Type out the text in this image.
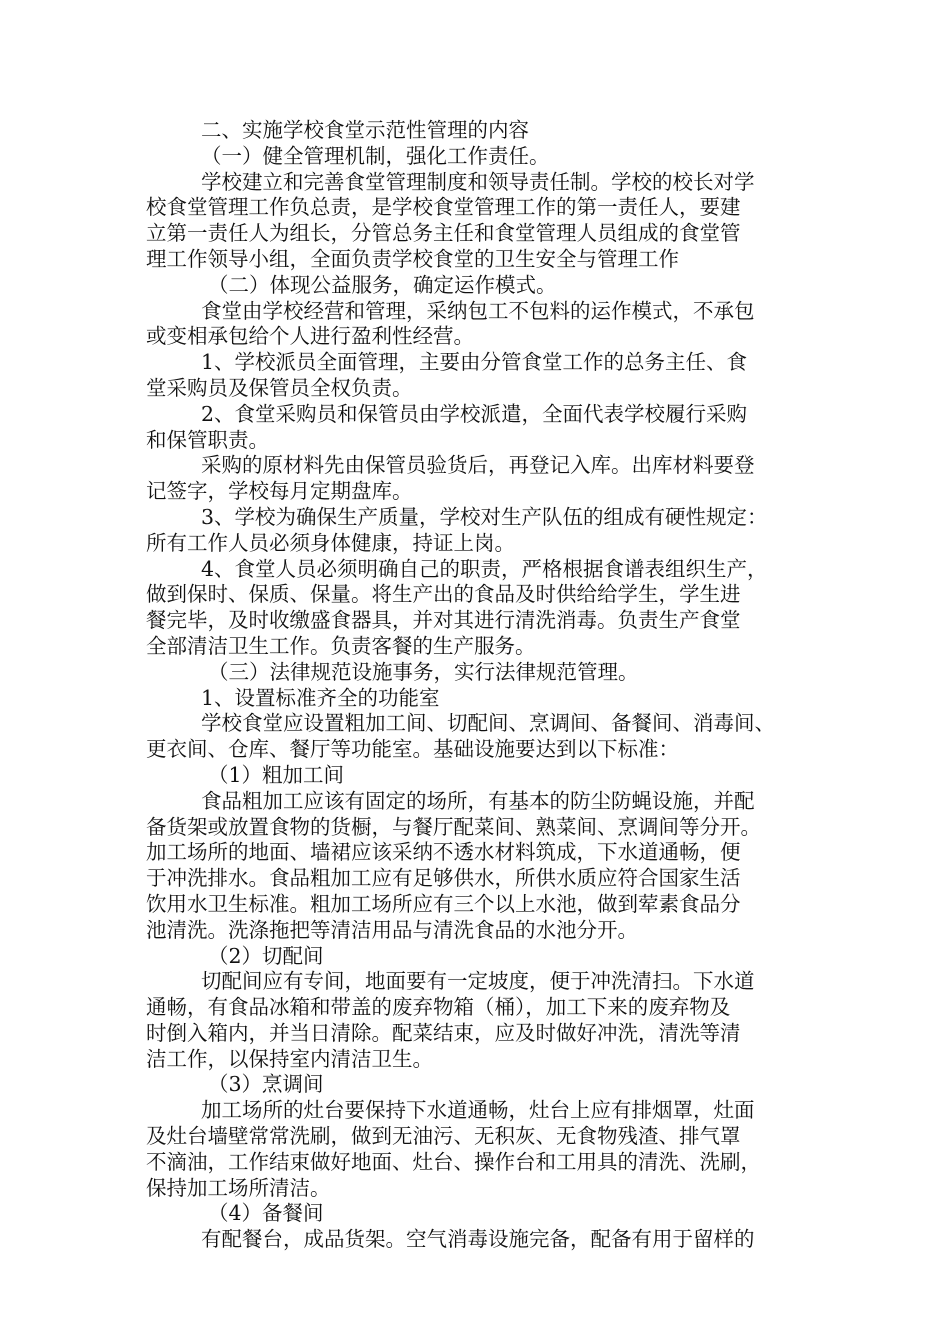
二、实施学校食堂示范性管理的内容
（一）健全管理机制，强化工作责任。
学校建立和完善食堂管理制度和领导责任制。学校的校长对学
校食堂管理工作负总责，是学校食堂管理工作的第一责任人，要建
立第一责任人为组长，分管总务主任和食堂管理人员组成的食堂管
理工作领导小组，全面负责学校食堂的卫生安全与管理工作
（二）体现公益服务，确定运作模式。
食堂由学校经营和管理，采纳包工不包料的运作模式，不承包
或变相承包给个人进行盈利性经营。
1、学校派员全面管理，主要由分管食堂工作的总务主任、食
堂采购员及保管员全权负责。
2、食堂采购员和保管员由学校派遣，全面代表学校履行采购
和保管职责。
采购的原材料先由保管员验货后，再登记入库。出库材料要登
记签字，学校每月定期盘库。
3、学校为确保生产质量，学校对生产队伍的组成有硬性规定：
所有工作人员必须身体健康，持证上岗。
4、食堂人员必须明确自己的职责，严格根据食谱表组织生产，
做到保时、保质、保量。将生产出的食品及时供给给学生，学生进
餐完毕，及时收缴盛食器具，并对其进行清洗消毒。负责生产食堂
全部清洁卫生工作。负责客餐的生产服务。
（三）法律规范设施事务，实行法律规范管理。
1、设置标准齐全的功能室
学校食堂应设置粗加工间、切配间、烹调间、备餐间、消毒间、
更衣间、仓库、餐厅等功能室。基础设施要达到以下标准：
（1）粗加工间
食品粗加工应该有固定的场所，有基本的防尘防蝇设施，并配
备货架或放置食物的货橱，与餐厅配菜间、熟菜间、烹调间等分开。
加工场所的地面、墙裙应该采纳不透水材料筑成，下水道通畅，便
于冲洗排水。食品粗加工应有足够供水，所供水质应符合国家生活
饮用水卫生标准。粗加工场所应有三个以上水池，做到荤素食品分
池清洗。洗涤拖把等清洁用品与清洗食品的水池分开。
（2）切配间
切配间应有专间，地面要有一定坡度，便于冲洗清扫。下水道
通畅，有食品冰箱和带盖的废弃物箱（桶），加工下来的废弃物及
时倒入箱内，并当日清除。配菜结束，应及时做好冲洗，清洗等清
洁工作，以保持室内清洁卫生。
（3）烹调间
加工场所的灶台要保持下水道通畅，灶台上应有排烟罩，灶面
及灶台墙壁常常洗刷，做到无油污、无积灰、无食物残渣、排气罩
不滴油，工作结束做好地面、灶台、操作台和工用具的清洗、洗刷，
保持加工场所清洁。
（4）备餐间
有配餐台，成品货架。空气消毒设施完备，配备有用于留样的
